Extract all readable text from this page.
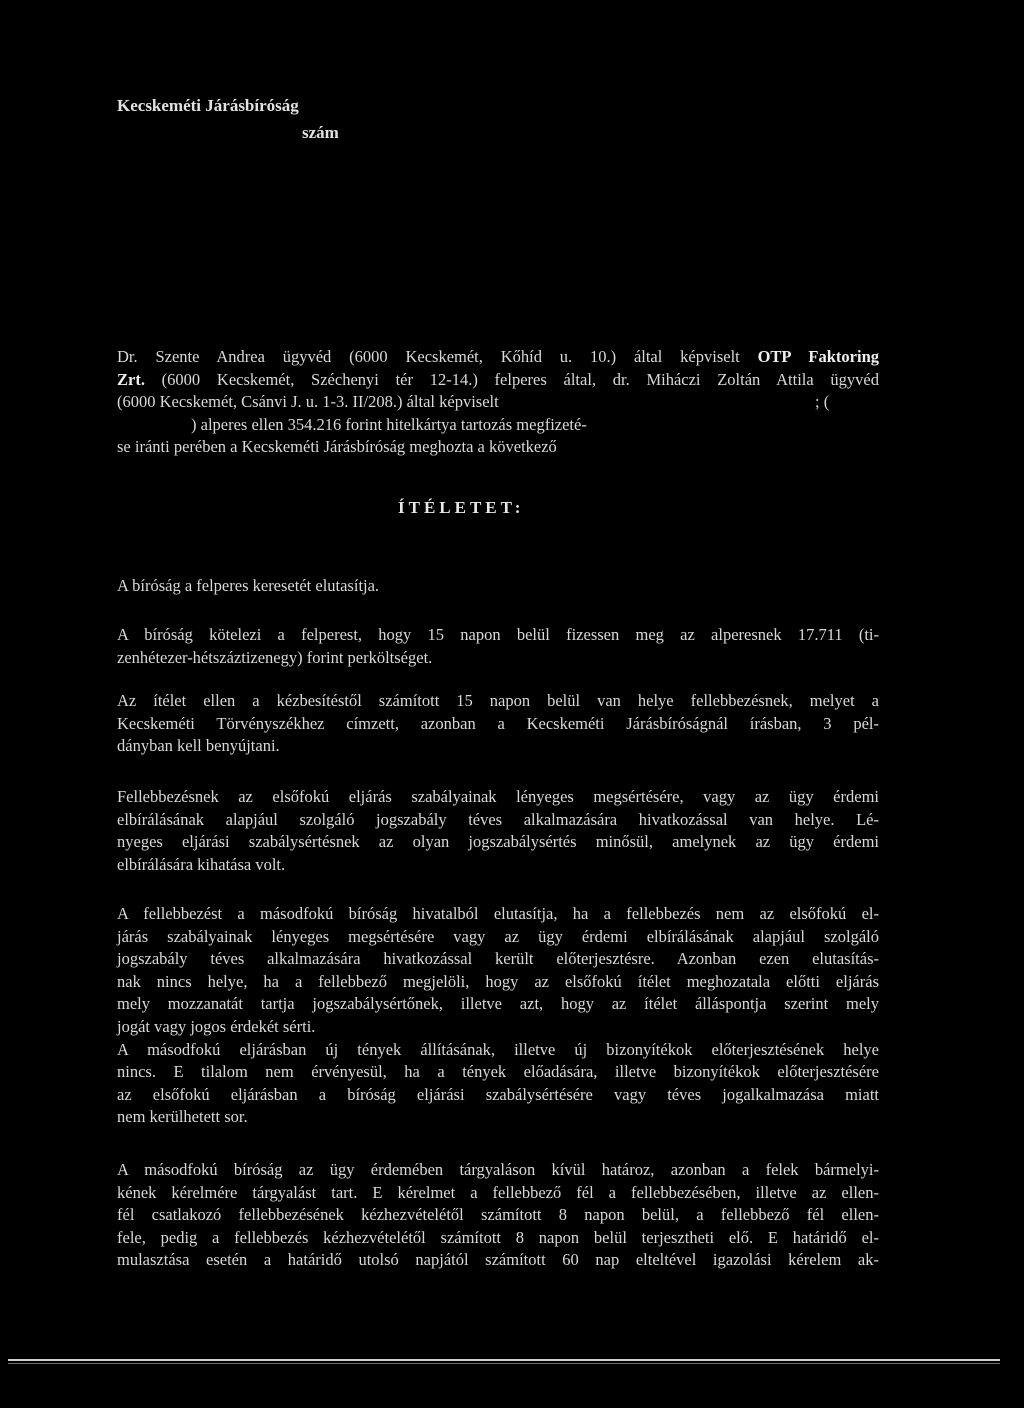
Kecskeméti Járásbíróság
szám
Dr. Szente Andrea ügyvéd (6000 Kecskemét, Kőhíd u. 10.) által képviselt OTP Faktoring
Zrt. (6000 Kecskemét, Széchenyi tér 12-14.) felperes által, dr. Miháczi Zoltán Attila ügyvéd
(6000 Kecskemét, Csánvi J. u. 1-3. II/208.) által képviselt	; (
) alperes ellen 354.216 forint hitelkártya tartozás megfizeté-
se iránti perében a Kecskeméti Járásbíróság meghozta a következő
ÍTÉLETET:
A bíróság a felperes keresetét elutasítja.
A bíróság kötelezi a felperest, hogy 15 napon belül fizessen meg az alperesnek 17.711 (ti-
zenhétezer-hétszáztizenegy) forint perköltséget.
Az ítélet ellen a kézbesítéstől számított 15 napon belül van helye fellebbezésnek, melyet a
Kecskeméti Törvényszékhez címzett, azonban a Kecskeméti Járásbíróságnál írásban, 3 pél-
dányban kell benyújtani.
Fellebbezésnek az elsőfokú eljárás szabályainak lényeges megsértésére, vagy az ügy érdemi
elbírálásának alapjául szolgáló jogszabály téves alkalmazására hivatkozással van helye. Lé-
nyeges eljárási szabálysértésnek az olyan jogszabálysértés minősül, amelynek az ügy érdemi
elbírálására kihatása volt.
A fellebbezést a másodfokú bíróság hivatalból elutasítja, ha a fellebbezés nem az elsőfokú el-
járás szabályainak lényeges megsértésére vagy az ügy érdemi elbírálásának alapjául szolgáló
jogszabály téves alkalmazására hivatkozással került előterjesztésre. Azonban ezen elutasítás-
nak nincs helye, ha a fellebbező megjelöli, hogy az elsőfokú ítélet meghozatala előtti eljárás
mely mozzanatát tartja jogszabálysértőnek, illetve azt, hogy az ítélet álláspontja szerint mely
jogát vagy jogos érdekét sérti.
A másodfokú eljárásban új tények állításának, illetve új bizonyítékok előterjesztésének helye
nincs. E tilalom nem érvényesül, ha a tények előadására, illetve bizonyítékok előterjesztésére
az elsőfokú eljárásban a bíróság eljárási szabálysértésére vagy téves jogalkalmazása miatt
nem kerülhetett sor.
A másodfokú bíróság az ügy érdemében tárgyaláson kívül határoz, azonban a felek bármelyi-
kének kérelmére tárgyalást tart. E kérelmet a fellebbező fél a fellebbezésében, illetve az ellen-
fél csatlakozó fellebbezésének kézhezvételétől számított 8 napon belül, a fellebbező fél ellen-
fele, pedig a fellebbezés kézhezvételétől számított 8 napon belül terjesztheti elő. E határidő el-
mulasztása esetén a határidő utolsó napjától számított 60 nap elteltével igazolási kérelem ak-
